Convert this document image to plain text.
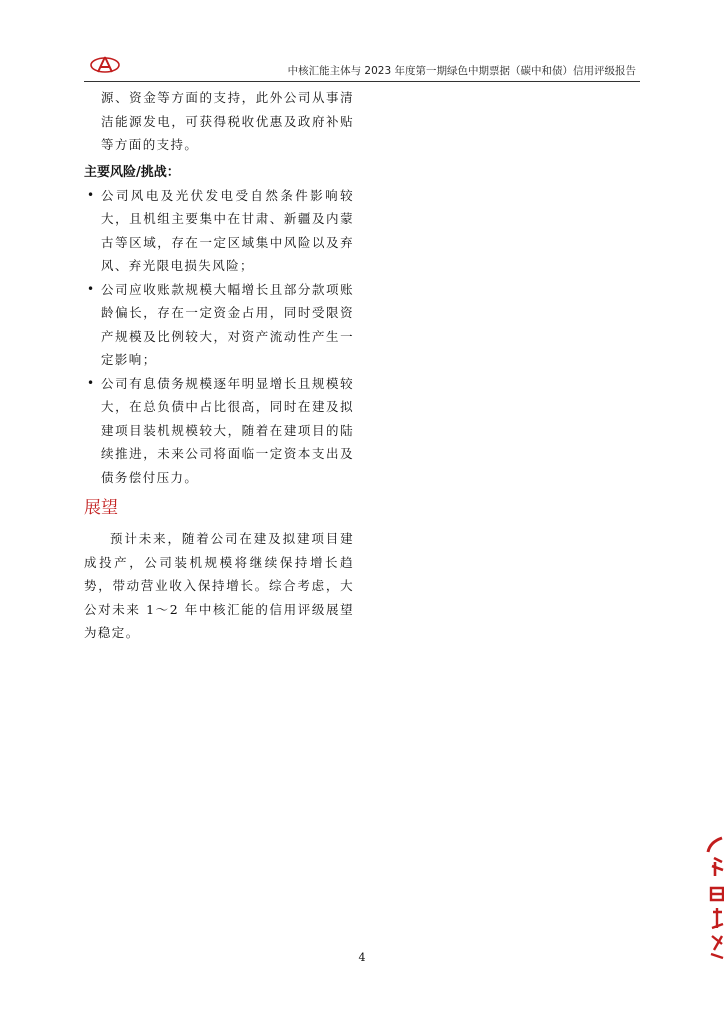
中核汇能主体与 2023 年度第一期绿色中期票据（碳中和债）信用评级报告

源、资金等方面的支持，此外公司从事清洁能源发电，可获得税收优惠及政府补贴等方面的支持。

主要风险/挑战：
• 公司风电及光伏发电受自然条件影响较大，且机组主要集中在甘肃、新疆及内蒙古等区域，存在一定区域集中风险以及弃风、弃光限电损失风险；

• 公司应收账款规模大幅增长且部分款项账龄偏长，存在一定资金占用，同时受限资产规模及比例较大，对资产流动性产生一定影响；

• 公司有息债务规模逐年明显增长且规模较大，在总负债中占比很高，同时在建及拟建项目装机规模较大，随着在建项目的陆续推进，未来公司将面临一定资本支出及债务偿付压力。

展望

预计未来，随着公司在建及拟建项目建成投产，公司装机规模将继续保持增长趋势，带动营业收入保持增长。综合考虑，大公对未来 1～2 年中核汇能的信用评级展望为稳定。

4
